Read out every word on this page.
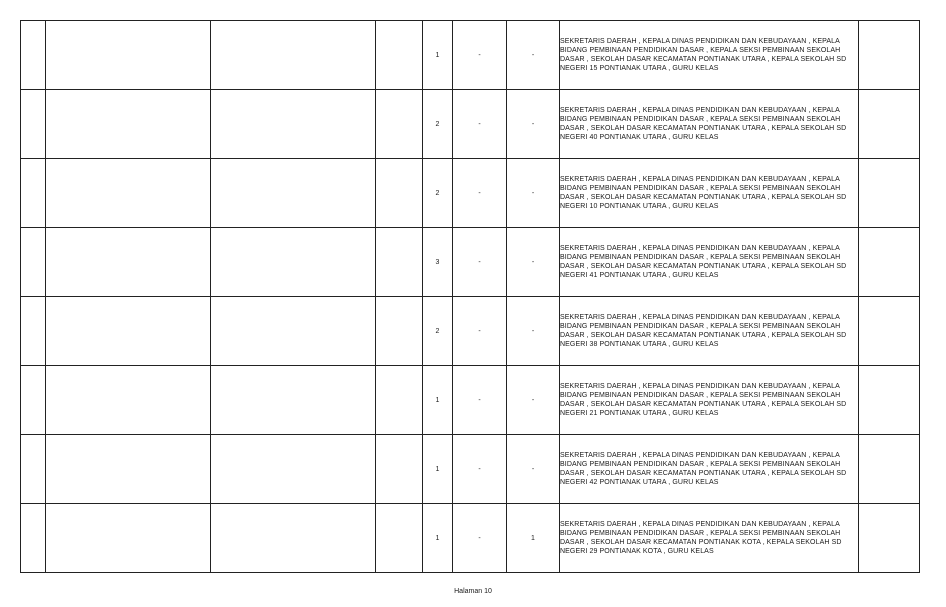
				1	-	-	SEKRETARIS DAERAH , KEPALA DINAS PENDIDIKAN DAN KEBUDAYAAN , KEPALA BIDANG PEMBINAAN PENDIDIKAN DASAR , KEPALA SEKSI PEMBINAAN SEKOLAH DASAR , SEKOLAH DASAR KECAMATAN PONTIANAK UTARA , KEPALA SEKOLAH SD NEGERI 15 PONTIANAK UTARA , GURU KELAS	
				2	-	-	SEKRETARIS DAERAH , KEPALA DINAS PENDIDIKAN DAN KEBUDAYAAN , KEPALA BIDANG PEMBINAAN PENDIDIKAN DASAR , KEPALA SEKSI PEMBINAAN SEKOLAH DASAR , SEKOLAH DASAR KECAMATAN PONTIANAK UTARA , KEPALA SEKOLAH SD NEGERI 40 PONTIANAK UTARA , GURU KELAS	
				2	-	-	SEKRETARIS DAERAH , KEPALA DINAS PENDIDIKAN DAN KEBUDAYAAN , KEPALA BIDANG PEMBINAAN PENDIDIKAN DASAR , KEPALA SEKSI PEMBINAAN SEKOLAH DASAR , SEKOLAH DASAR KECAMATAN PONTIANAK UTARA , KEPALA SEKOLAH SD NEGERI 10 PONTIANAK UTARA , GURU KELAS	
				3	-	-	SEKRETARIS DAERAH , KEPALA DINAS PENDIDIKAN DAN KEBUDAYAAN , KEPALA BIDANG PEMBINAAN PENDIDIKAN DASAR , KEPALA SEKSI PEMBINAAN SEKOLAH DASAR , SEKOLAH DASAR KECAMATAN PONTIANAK UTARA , KEPALA SEKOLAH SD NEGERI 41 PONTIANAK UTARA , GURU KELAS	
				2	-	-	SEKRETARIS DAERAH , KEPALA DINAS PENDIDIKAN DAN KEBUDAYAAN , KEPALA BIDANG PEMBINAAN PENDIDIKAN DASAR , KEPALA SEKSI PEMBINAAN SEKOLAH DASAR , SEKOLAH DASAR KECAMATAN PONTIANAK UTARA , KEPALA SEKOLAH SD NEGERI 38 PONTIANAK UTARA , GURU KELAS	
				1	-	-	SEKRETARIS DAERAH , KEPALA DINAS PENDIDIKAN DAN KEBUDAYAAN , KEPALA BIDANG PEMBINAAN PENDIDIKAN DASAR , KEPALA SEKSI PEMBINAAN SEKOLAH DASAR , SEKOLAH DASAR KECAMATAN PONTIANAK UTARA , KEPALA SEKOLAH SD NEGERI 21 PONTIANAK UTARA , GURU KELAS	
				1	-	-	SEKRETARIS DAERAH , KEPALA DINAS PENDIDIKAN DAN KEBUDAYAAN , KEPALA BIDANG PEMBINAAN PENDIDIKAN DASAR , KEPALA SEKSI PEMBINAAN SEKOLAH DASAR , SEKOLAH DASAR KECAMATAN PONTIANAK UTARA , KEPALA SEKOLAH SD NEGERI 42 PONTIANAK UTARA , GURU KELAS	
				1	-	1	SEKRETARIS DAERAH , KEPALA DINAS PENDIDIKAN DAN KEBUDAYAAN , KEPALA BIDANG PEMBINAAN PENDIDIKAN DASAR , KEPALA SEKSI PEMBINAAN SEKOLAH DASAR , SEKOLAH DASAR KECAMATAN PONTIANAK KOTA , KEPALA SEKOLAH SD NEGERI 29 PONTIANAK KOTA , GURU KELAS	
Halaman 10
